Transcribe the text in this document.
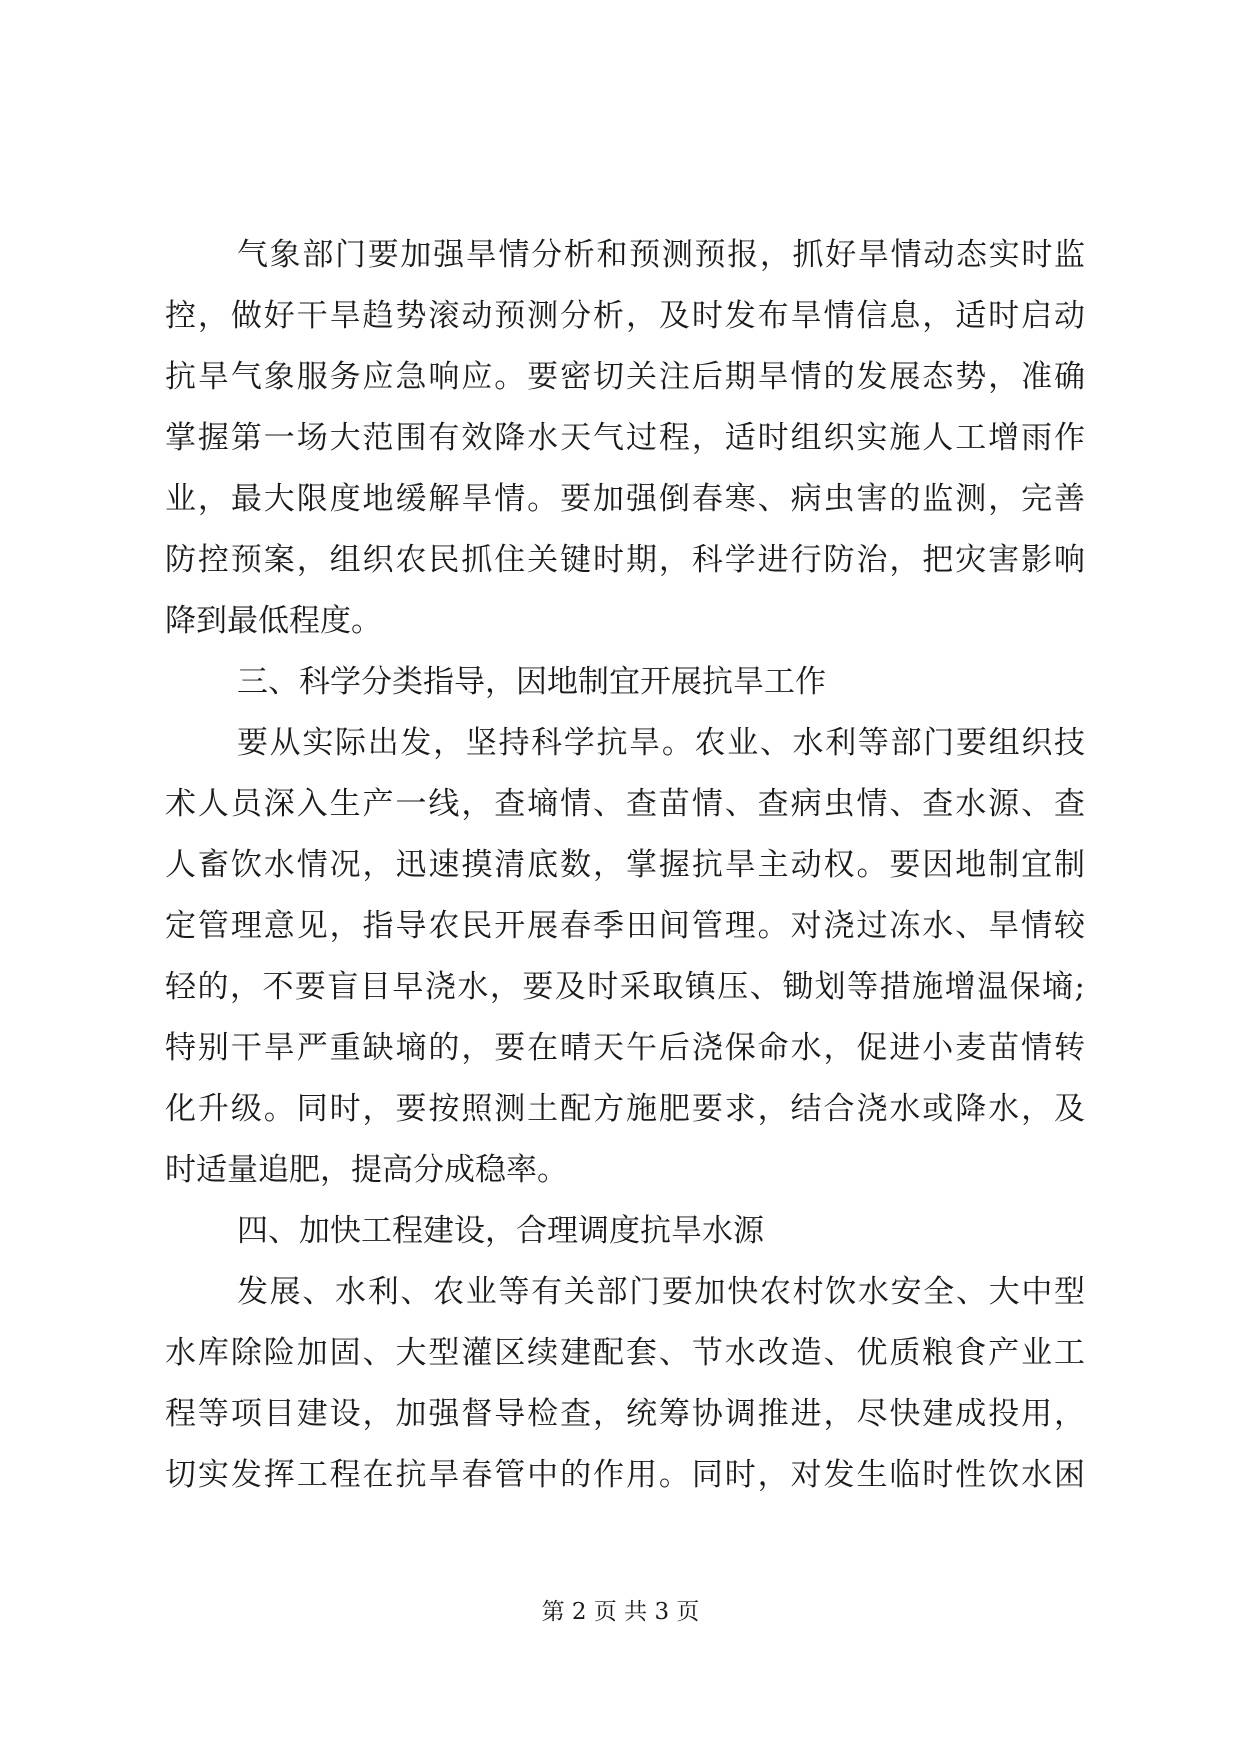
气象部门要加强旱情分析和预测预报，抓好旱情动态实时监
控，做好干旱趋势滚动预测分析，及时发布旱情信息，适时启动
抗旱气象服务应急响应。要密切关注后期旱情的发展态势，准确
掌握第一场大范围有效降水天气过程，适时组织实施人工增雨作
业，最大限度地缓解旱情。要加强倒春寒、病虫害的监测，完善
防控预案，组织农民抓住关键时期，科学进行防治，把灾害影响
降到最低程度。
三、科学分类指导，因地制宜开展抗旱工作
要从实际出发，坚持科学抗旱。农业、水利等部门要组织技
术人员深入生产一线，查墒情、查苗情、查病虫情、查水源、查
人畜饮水情况，迅速摸清底数，掌握抗旱主动权。要因地制宜制
定管理意见，指导农民开展春季田间管理。对浇过冻水、旱情较
轻的，不要盲目早浇水，要及时采取镇压、锄划等措施增温保墒;
特别干旱严重缺墒的，要在晴天午后浇保命水，促进小麦苗情转
化升级。同时，要按照测土配方施肥要求，结合浇水或降水，及
时适量追肥，提高分成稳率。
四、加快工程建设，合理调度抗旱水源
发展、水利、农业等有关部门要加快农村饮水安全、大中型
水库除险加固、大型灌区续建配套、节水改造、优质粮食产业工
程等项目建设，加强督导检查，统筹协调推进，尽快建成投用，
切实发挥工程在抗旱春管中的作用。同时，对发生临时性饮水困
第 2 页 共 3 页
